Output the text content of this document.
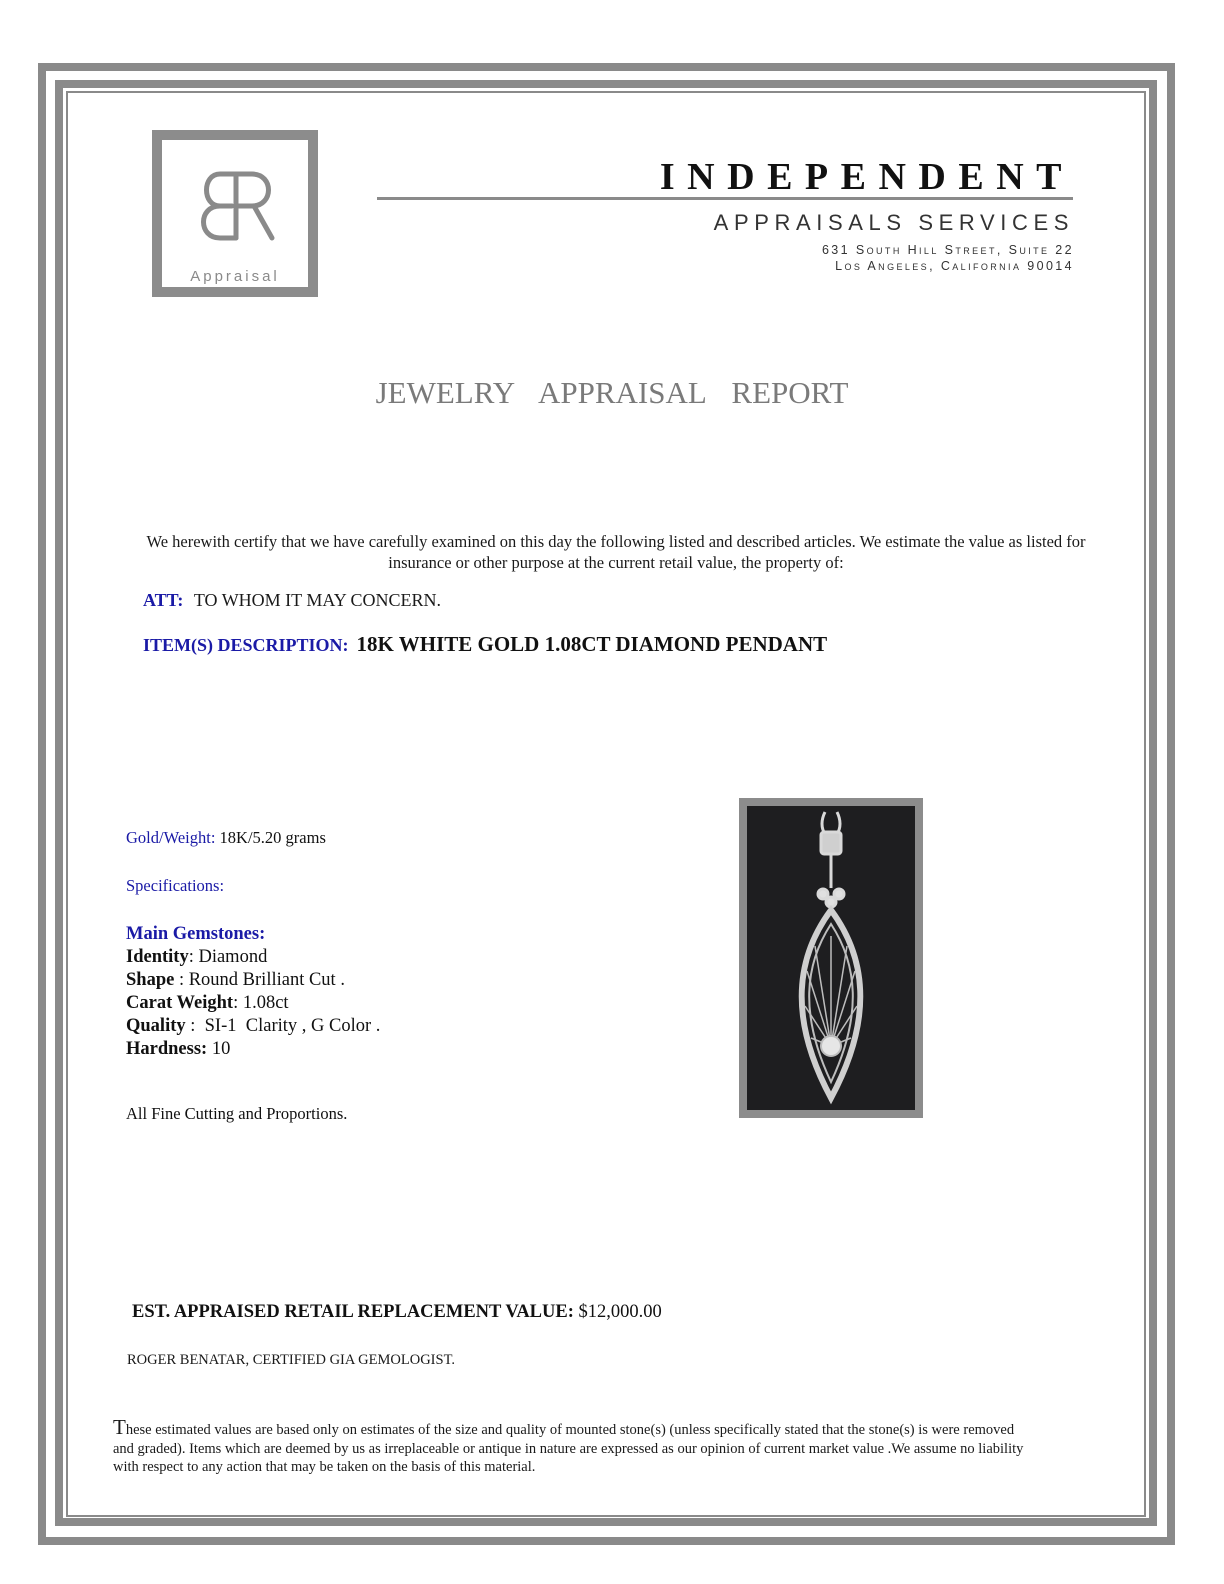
Appraisal
INDEPENDENT
APPRAISALS SERVICES
631 South Hill Street, Suite 22
Los Angeles, California 90014
JEWELRY APPRAISAL REPORT
We herewith certify that we have carefully examined on this day the following listed and described articles. We estimate the value as listed for insurance or other purpose at the current retail value, the property of:
ATT: TO WHOM IT MAY CONCERN.
ITEM(S) DESCRIPTION: 18K WHITE GOLD 1.08CT DIAMOND PENDANT
Gold/Weight: 18K/5.20 grams
Specifications:
Main Gemstones:
Identity: Diamond
Shape : Round Brilliant Cut .
Carat Weight: 1.08ct
Quality :  SI-1  Clarity , G Color .
Hardness: 10
All Fine Cutting and Proportions.
EST. APPRAISED RETAIL REPLACEMENT VALUE: $12,000.00
ROGER BENATAR, CERTIFIED GIA GEMOLOGIST.
These estimated values are based only on estimates of the size and quality of mounted stone(s) (unless specifically stated that the stone(s) is were removed and graded). Items which are deemed by us as irreplaceable or antique in nature are expressed as our opinion of current market value .We assume no liability with respect to any action that may be taken on the basis of this material.
